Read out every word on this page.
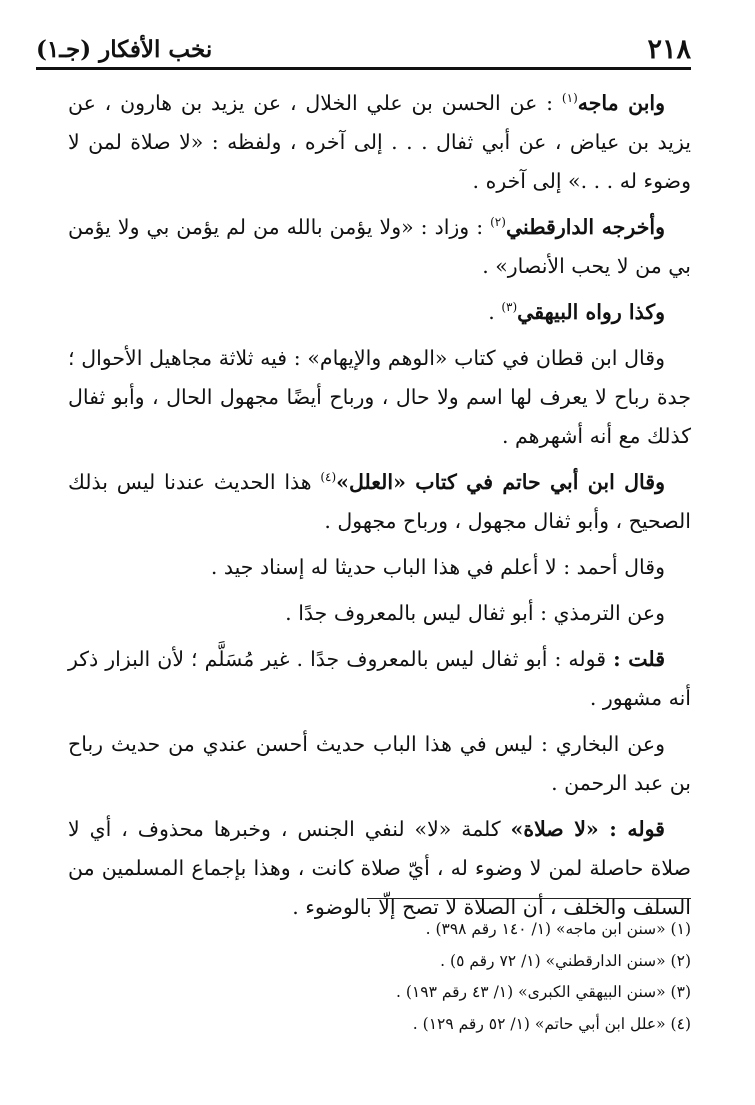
٢١٨
نخب الأفكار (جـ١)

وابن ماجه$^{(١)}$ : عن الحسن بن علي الخلال ، عن يزيد بن هارون ، عن يزيد بن عياض ، عن أبي ثفال . . . إلى آخره ، ولفظه : «لا صلاة لمن لا وضوء له . . .» إلى آخره .

وأخرجه الدارقطني$^{(٢)}$ : وزاد : «ولا يؤمن بالله من لم يؤمن بي ولا يؤمن بي من لا يحب الأنصار» .

وكذا رواه البيهقي$^{(٣)}$ .

وقال ابن قطان في كتاب «الوهم والإيهام» : فيه ثلاثة مجاهيل الأحوال ؛ جدة رباح لا يعرف لها اسم ولا حال ، ورباح أيضًا مجهول الحال ، وأبو ثفال كذلك مع أنه أشهرهم .

وقال ابن أبي حاتم في كتاب «العلل»$^{(٤)}$ هذا الحديث عندنا ليس بذلك الصحيح ، وأبو ثفال مجهول ، ورباح مجهول .

وقال أحمد : لا أعلم في هذا الباب حديثا له إسناد جيد .

وعن الترمذي : أبو ثفال ليس بالمعروف جدًا .

قلت : قوله : أبو ثفال ليس بالمعروف جدًا . غير مُسَلَّم ؛ لأن البزار ذكر أنه مشهور .

وعن البخاري : ليس في هذا الباب حديث أحسن عندي من حديث رباح بن عبد الرحمن .

قوله : «لا صلاة» كلمة «لا» لنفي الجنس ، وخبرها محذوف ، أي لا صلاة حاصلة لمن لا وضوء له ، أيّ صلاة كانت ، وهذا بإجماع المسلمين من السلف والخلف ، أن الصلاة لا تصح إلّا بالوضوء .

(١) «سنن ابن ماجه» (١/ ١٤٠ رقم ٣٩٨) .

(٢) «سنن الدارقطني» (١/ ٧٢ رقم ٥) .

(٣) «سنن البيهقي الكبرى» (١/ ٤٣ رقم ١٩٣) .

(٤) «علل ابن أبي حاتم» (١/ ٥٢ رقم ١٢٩) .
